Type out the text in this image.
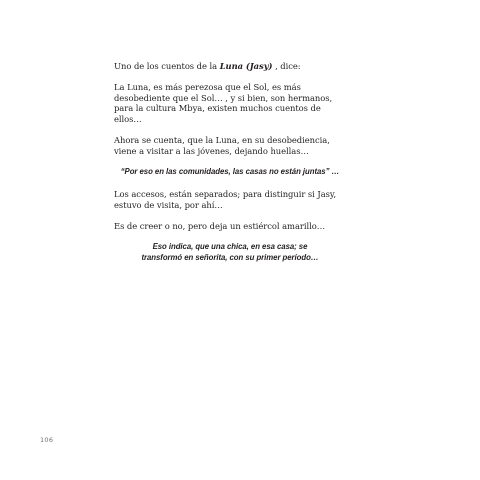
Uno de los cuentos de la Luna (Jasy) , dice:

La Luna, es más perezosa que el Sol, es más desobediente que el Sol… , y si bien, son hermanos, para la cultura Mbya, existen muchos cuentos de ellos…

Ahora se cuenta, que la Luna, en su desobediencia, viene a visitar a las jóvenes, dejando huellas…

“Por eso en las comunidades, las casas no están juntas” …

Los accesos, están separados; para distinguir si Jasy, estuvo de visita, por ahí…

Es de creer o no, pero deja un estiércol amarillo…

Eso indica, que una chica, en esa casa; se transformó en señorita, con su primer período…

106
